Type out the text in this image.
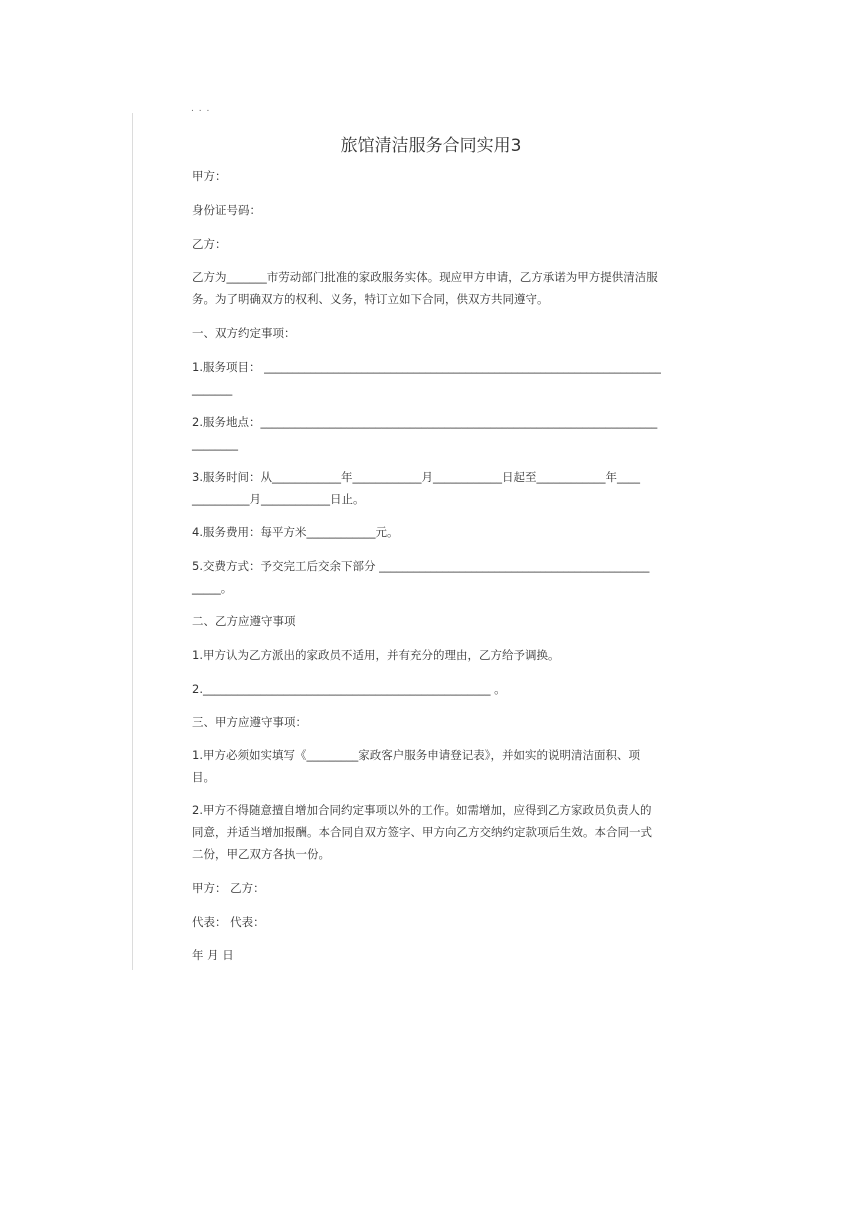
. . .
旅馆清洁服务合同实用3

甲方：

身份证号码：

乙方：

乙方为_______市劳动部门批准的家政服务实体。现应甲方申请，乙方承诺为甲方提供清洁服

务。为了明确双方的权利、义务，特订立如下合同，供双方共同遵守。

一、双方约定事项：

1.服务项目： _____________________________________________________________________

_______

2.服务地点：_____________________________________________________________________

________

3.服务时间：从____________年____________月____________日起至____________年____

__________月____________日止。

4.服务费用：每平方米____________元。

5.交费方式：予交完工后交余下部分 _______________________________________________

_____。

二、乙方应遵守事项

1.甲方认为乙方派出的家政员不适用，并有充分的理由，乙方给予调换。

2.__________________________________________________ 。

三、甲方应遵守事项：

1.甲方必须如实填写《_________家政客户服务申请登记表》，并如实的说明清洁面积、项

目。

2.甲方不得随意擅自增加合同约定事项以外的工作。如需增加，应得到乙方家政员负责人的

同意，并适当增加报酬。本合同自双方签字、甲方向乙方交纳约定款项后生效。本合同一式

二份，甲乙双方各执一份。

甲方： 乙方：

代表： 代表：

年 月 日
